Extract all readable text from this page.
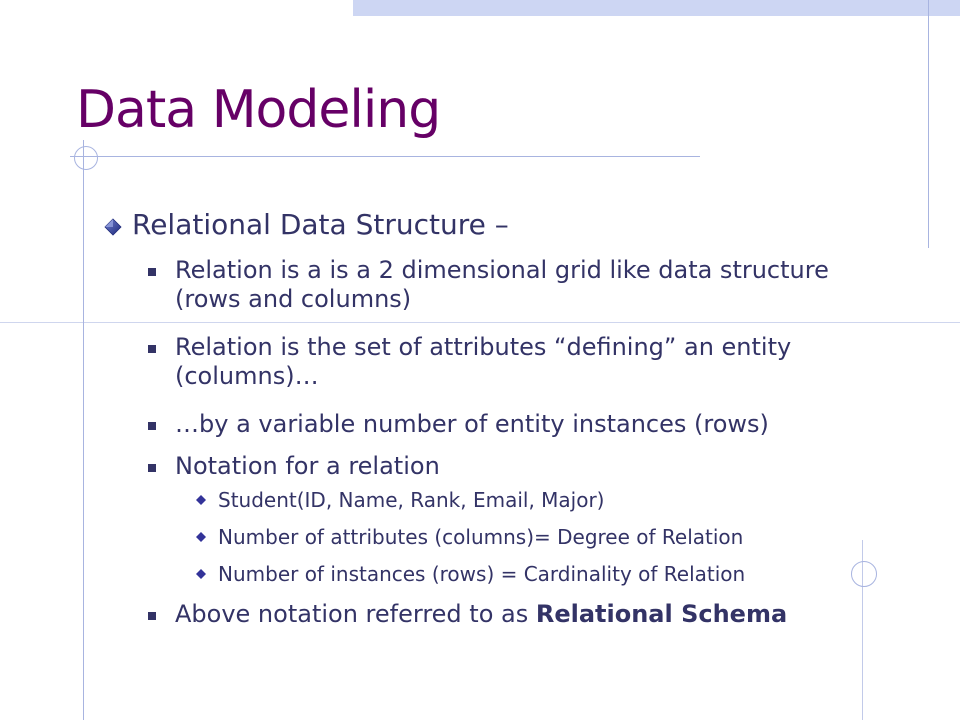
Data Modeling
Relational Data Structure –
Relation is a is a 2 dimensional grid like data structure (rows and columns)
Relation is the set of attributes “defining” an entity (columns)…
…by a variable number of entity instances (rows)
Notation for a relation
Student(ID, Name, Rank, Email, Major)
Number of attributes (columns)= Degree of Relation
Number of instances (rows) = Cardinality of Relation
Above notation referred to as Relational Schema
